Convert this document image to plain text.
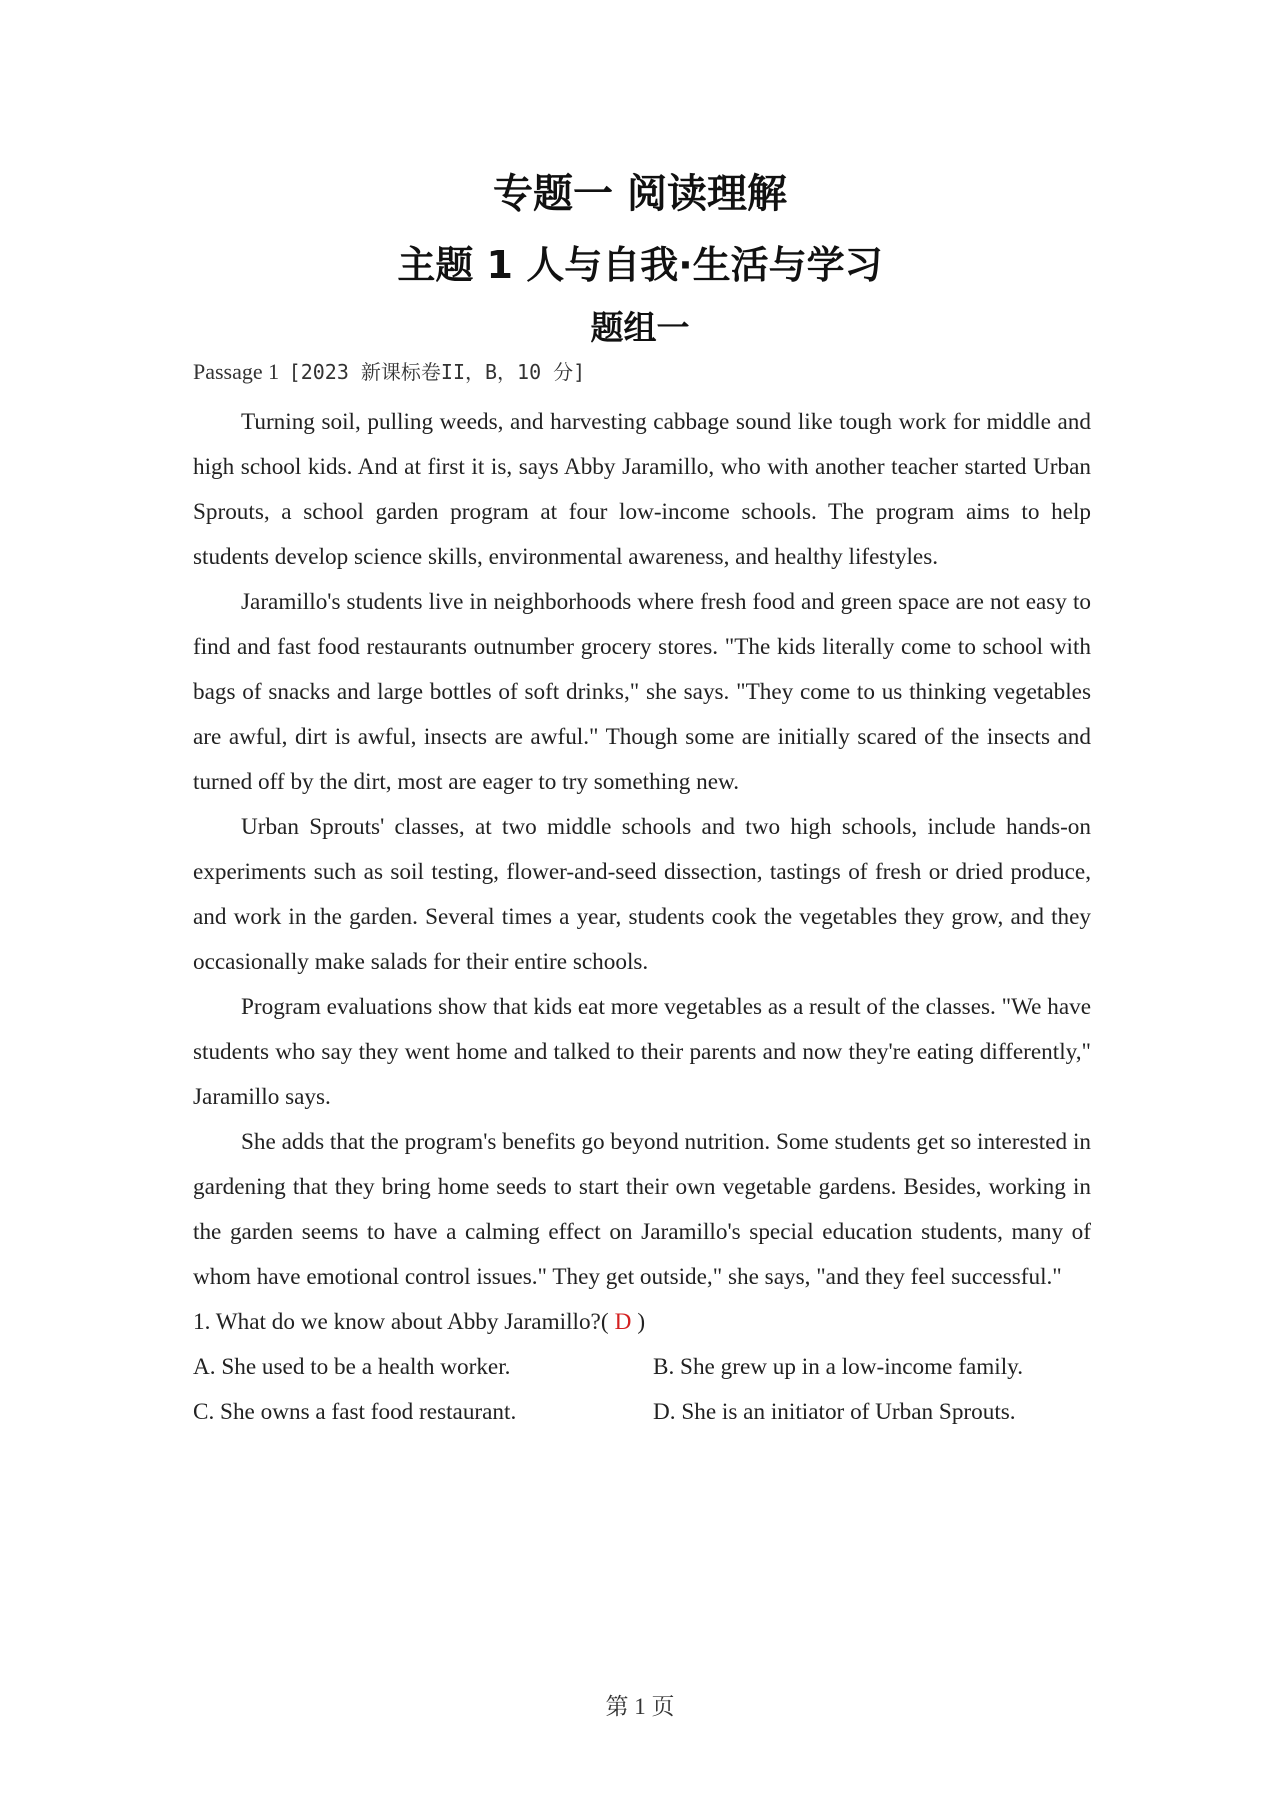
专题一 阅读理解
主题 1 人与自我·生活与学习
题组一
Passage 1 [2023 新课标卷II，B，10 分]

Turning soil, pulling weeds, and harvesting cabbage sound like tough work for middle and high school kids. And at first it is, says Abby Jaramillo, who with another teacher started Urban Sprouts, a school garden program at four low-income schools. The program aims to help students develop science skills, environmental awareness, and healthy lifestyles.

Jaramillo's students live in neighborhoods where fresh food and green space are not easy to find and fast food restaurants outnumber grocery stores. "The kids literally come to school with bags of snacks and large bottles of soft drinks," she says. "They come to us thinking vegetables are awful, dirt is awful, insects are awful." Though some are initially scared of the insects and turned off by the dirt, most are eager to try something new.

Urban Sprouts' classes, at two middle schools and two high schools, include hands-on experiments such as soil testing, flower-and-seed dissection, tastings of fresh or dried produce, and work in the garden. Several times a year, students cook the vegetables they grow, and they occasionally make salads for their entire schools.

Program evaluations show that kids eat more vegetables as a result of the classes. "We have students who say they went home and talked to their parents and now they're eating differently," Jaramillo says.

She adds that the program's benefits go beyond nutrition. Some students get so interested in gardening that they bring home seeds to start their own vegetable gardens. Besides, working in the garden seems to have a calming effect on Jaramillo's special education students, many of whom have emotional control issues." They get outside," she says, "and they feel successful."

1. What do we know about Abby Jaramillo?( D )
A. She used to be a health worker.	B. She grew up in a low-income family.
C. She owns a fast food restaurant.	D. She is an initiator of Urban Sprouts.
第 1 页
